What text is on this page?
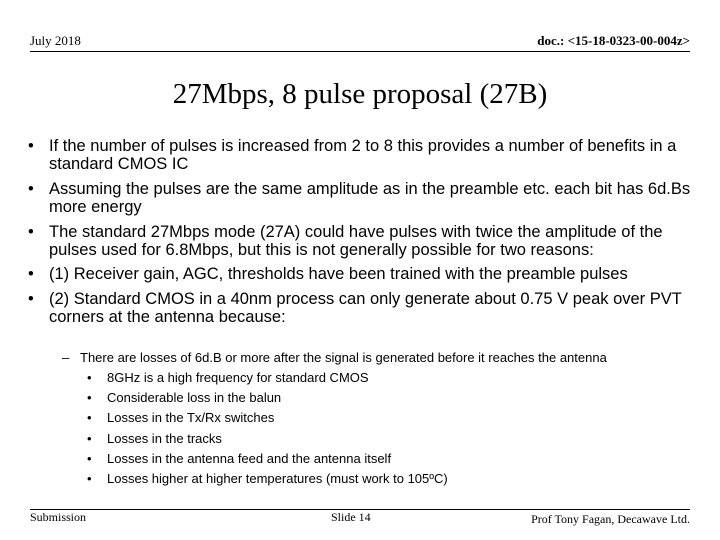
July 2018	doc.: <15-18-0323-00-004z>
27Mbps, 8 pulse proposal (27B)
• If the number of pulses is increased from 2 to 8 this provides a number of benefits in a standard CMOS IC
• Assuming the pulses are the same amplitude as in the preamble etc. each bit has 6d.Bs more energy
• The standard 27Mbps mode (27A) could have pulses with twice the amplitude of the pulses used for 6.8Mbps, but this is not generally possible for two reasons:
• (1) Receiver gain, AGC, thresholds have been trained with the preamble pulses
• (2) Standard CMOS in a 40nm process can only generate about 0.75 V peak over PVT corners at the antenna because:
– There are losses of 6d.B or more after the signal is generated before it reaches the antenna
• 8GHz is a high frequency for standard CMOS
• Considerable loss in the balun
• Losses in the Tx/Rx switches
• Losses in the tracks
• Losses in the antenna feed and the antenna itself
• Losses higher at higher temperatures (must work to 105ºC)
Submission	Slide 14	Prof Tony Fagan, Decawave Ltd.
